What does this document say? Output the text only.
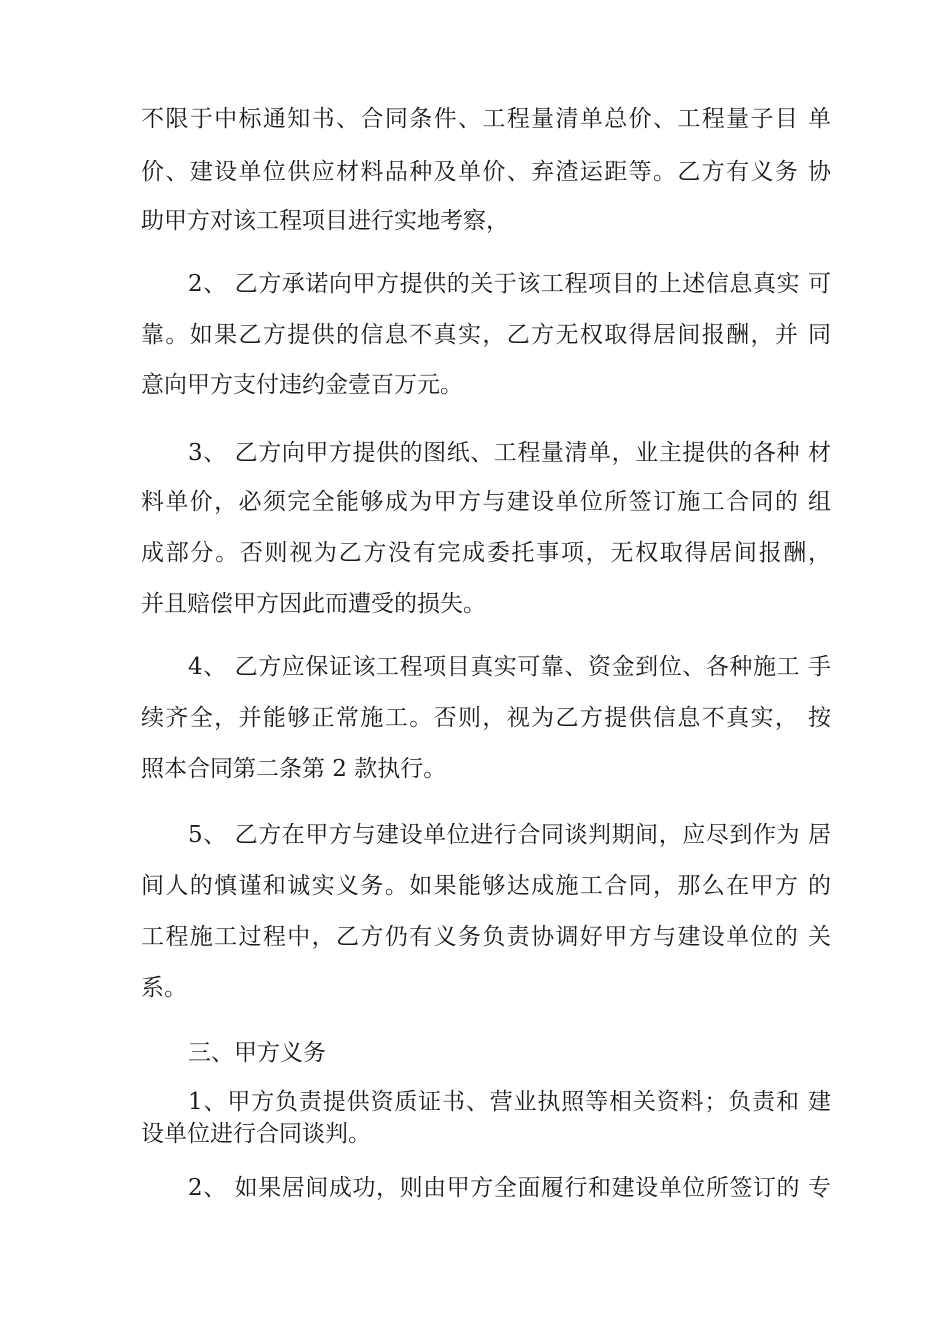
不限于中标通知书、合同条件、工程量清单总价、工程量子目 单
价、建设单位供应材料品种及单价、弃渣运距等。乙方有义务 协
助甲方对该工程项目进行实地考察，
2、 乙方承诺向甲方提供的关于该工程项目的上述信息真实 可
靠。如果乙方提供的信息不真实，乙方无权取得居间报酬，并 同
意向甲方支付违约金壹百万元。
3、 乙方向甲方提供的图纸、工程量清单，业主提供的各种 材
料单价，必须完全能够成为甲方与建设单位所签订施工合同的 组
成部分。否则视为乙方没有完成委托事项，无权取得居间报酬，
并且赔偿甲方因此而遭受的损失。
4、 乙方应保证该工程项目真实可靠、资金到位、各种施工 手
续齐全，并能够正常施工。否则，视为乙方提供信息不真实， 按
照本合同第二条第 2 款执行。
5、 乙方在甲方与建设单位进行合同谈判期间，应尽到作为 居
间人的慎谨和诚实义务。如果能够达成施工合同，那么在甲方 的
工程施工过程中，乙方仍有义务负责协调好甲方与建设单位的 关
系。
三、甲方义务
1、甲方负责提供资质证书、营业执照等相关资料；负责和 建
设单位进行合同谈判。
2、 如果居间成功，则由甲方全面履行和建设单位所签订的 专
